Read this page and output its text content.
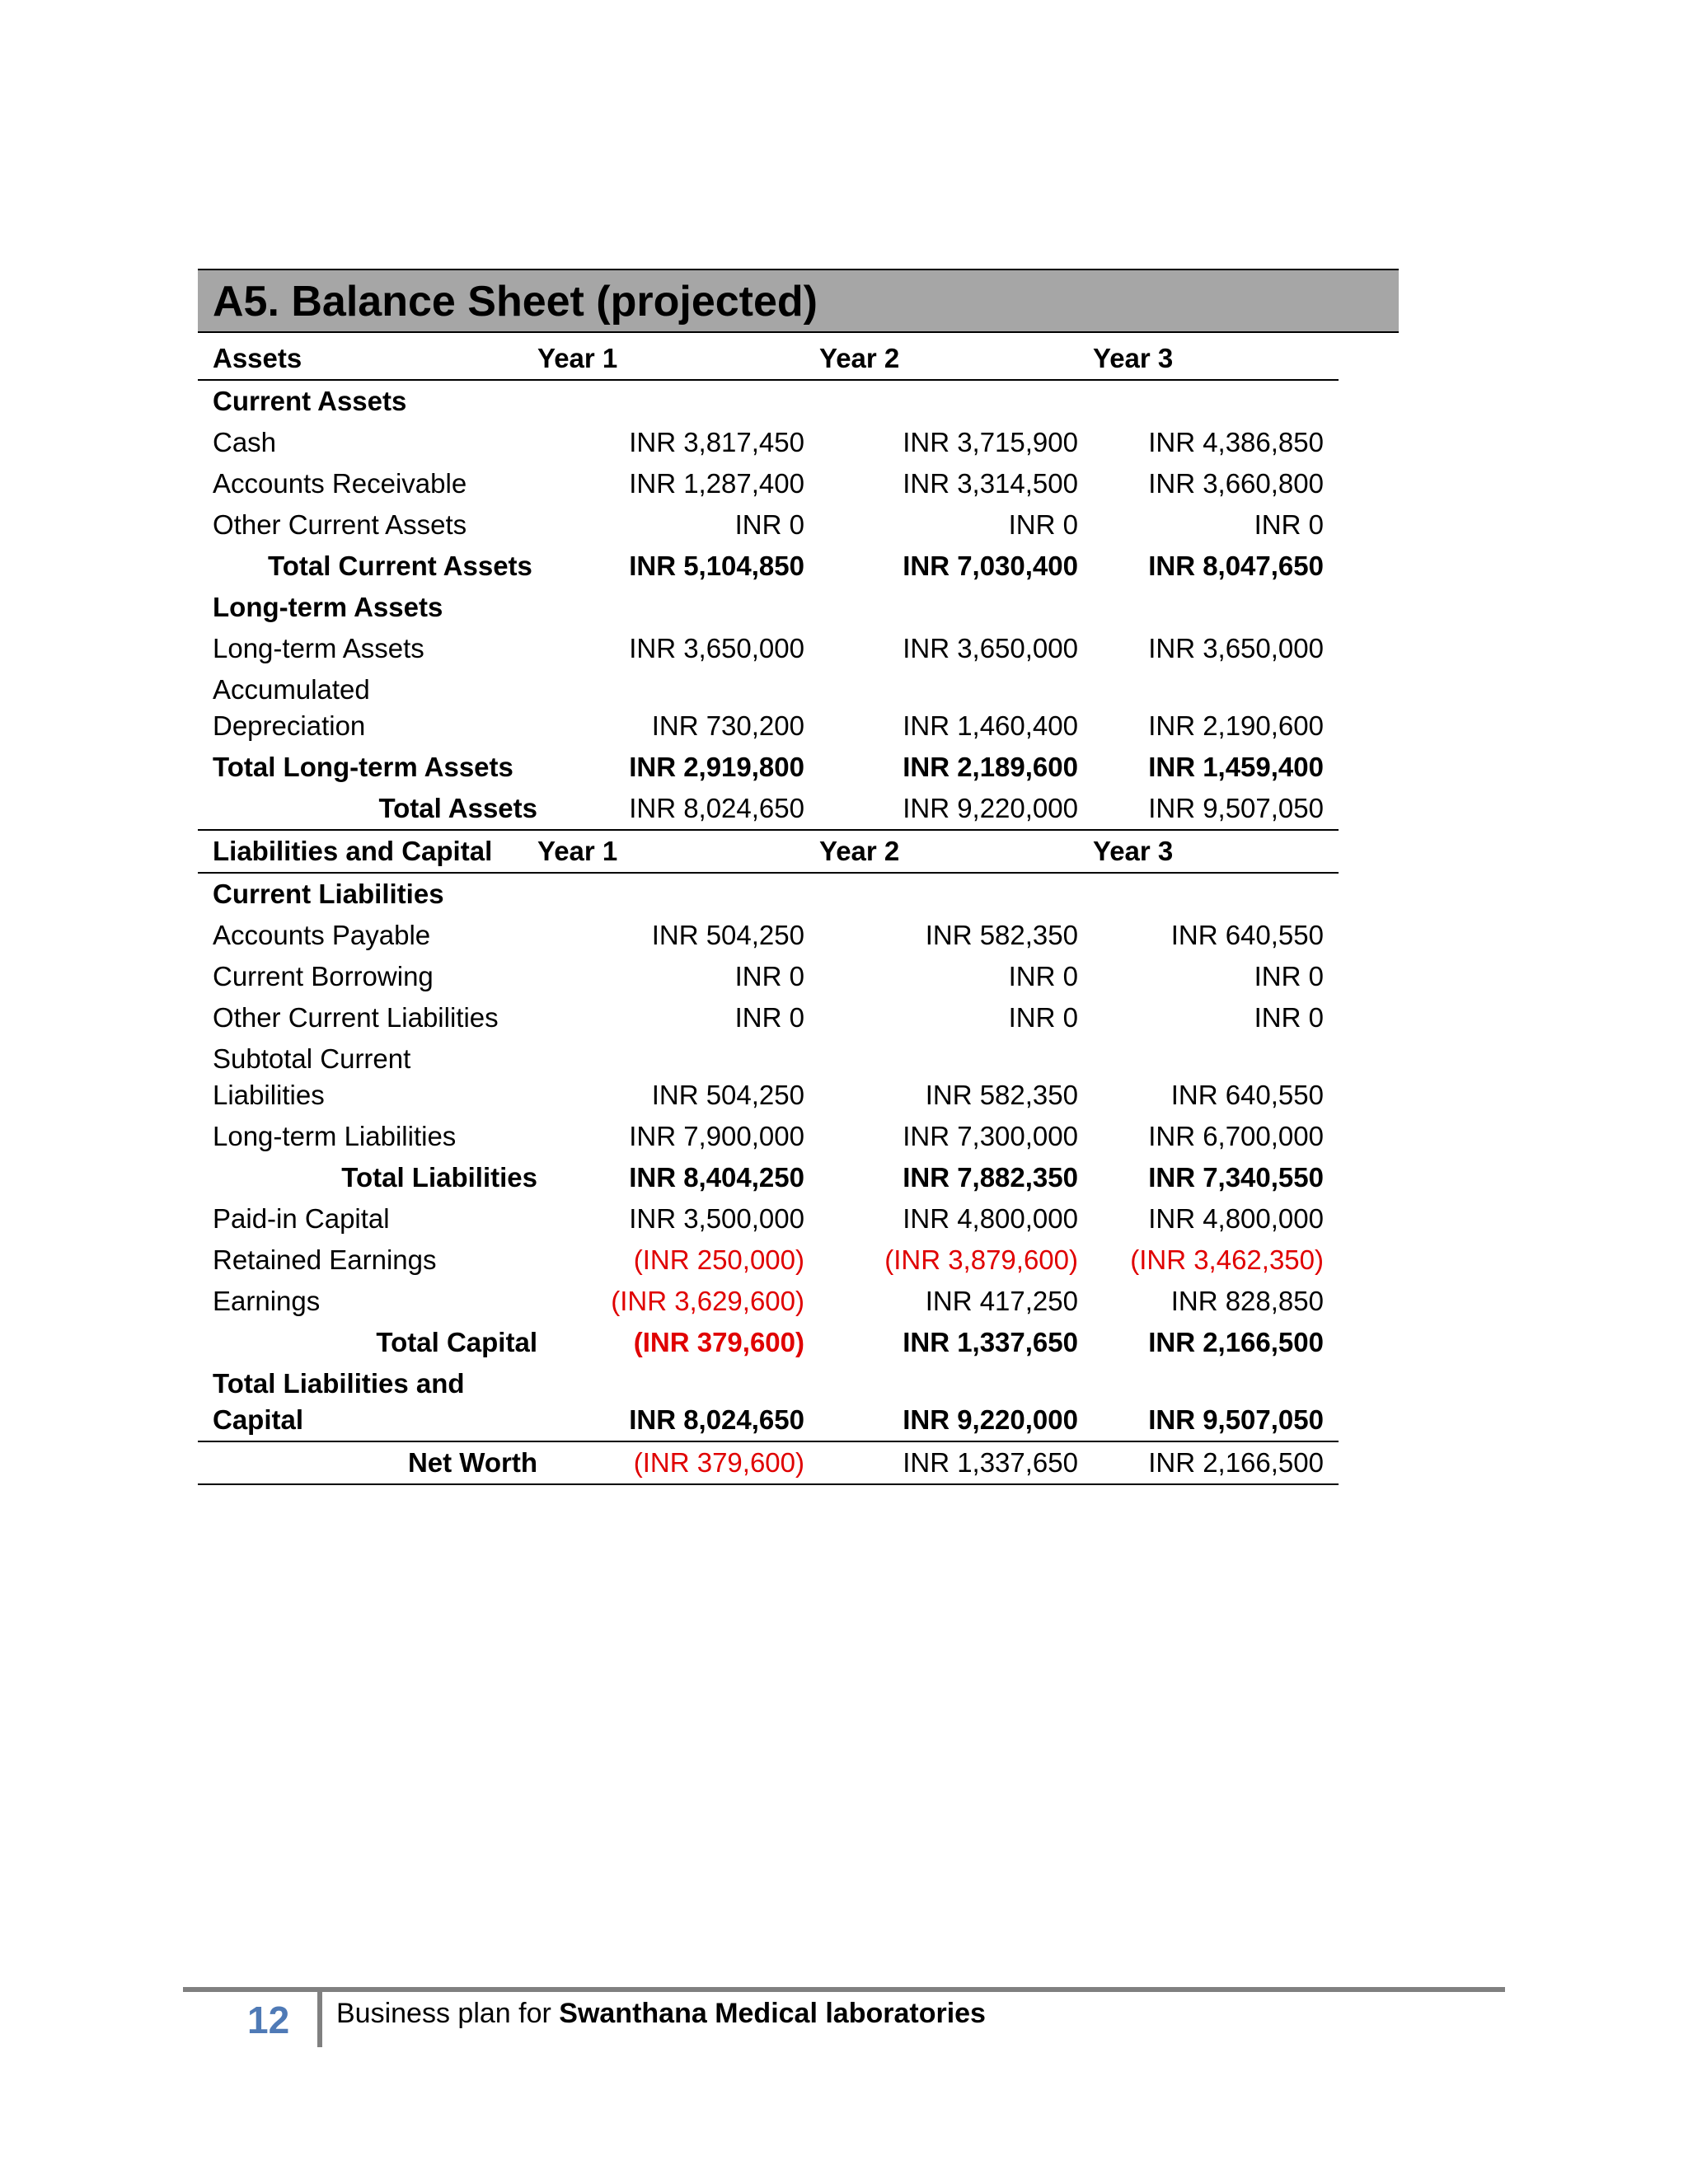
A5. Balance Sheet (projected)
Assets	Year 1	Year 2	Year 3
Current Assets			
Cash	INR 3,817,450	INR 3,715,900	INR 4,386,850
Accounts Receivable	INR 1,287,400	INR 3,314,500	INR 3,660,800
Other Current Assets	INR 0	INR 0	INR 0
Total Current Assets	INR 5,104,850	INR 7,030,400	INR 8,047,650
Long-term Assets			
Long-term Assets	INR 3,650,000	INR 3,650,000	INR 3,650,000
Accumulated
Depreciation	INR 730,200	INR 1,460,400	INR 2,190,600
Total Long-term Assets	INR 2,919,800	INR 2,189,600	INR 1,459,400
Total Assets	INR 8,024,650	INR 9,220,000	INR 9,507,050
Liabilities and Capital	Year 1	Year 2	Year 3
Current Liabilities			
Accounts Payable	INR 504,250	INR 582,350	INR 640,550
Current Borrowing	INR 0	INR 0	INR 0
Other Current Liabilities	INR 0	INR 0	INR 0
Subtotal Current
Liabilities	INR 504,250	INR 582,350	INR 640,550
Long-term Liabilities	INR 7,900,000	INR 7,300,000	INR 6,700,000
Total Liabilities	INR 8,404,250	INR 7,882,350	INR 7,340,550
Paid-in Capital	INR 3,500,000	INR 4,800,000	INR 4,800,000
Retained Earnings	(INR 250,000)	(INR 3,879,600)	(INR 3,462,350)
Earnings	(INR 3,629,600)	INR 417,250	INR 828,850
Total Capital	(INR 379,600)	INR 1,337,650	INR 2,166,500
Total Liabilities and
Capital	INR 8,024,650	INR 9,220,000	INR 9,507,050
Net Worth	(INR 379,600)	INR 1,337,650	INR 2,166,500
12 Business plan for Swanthana Medical laboratories
